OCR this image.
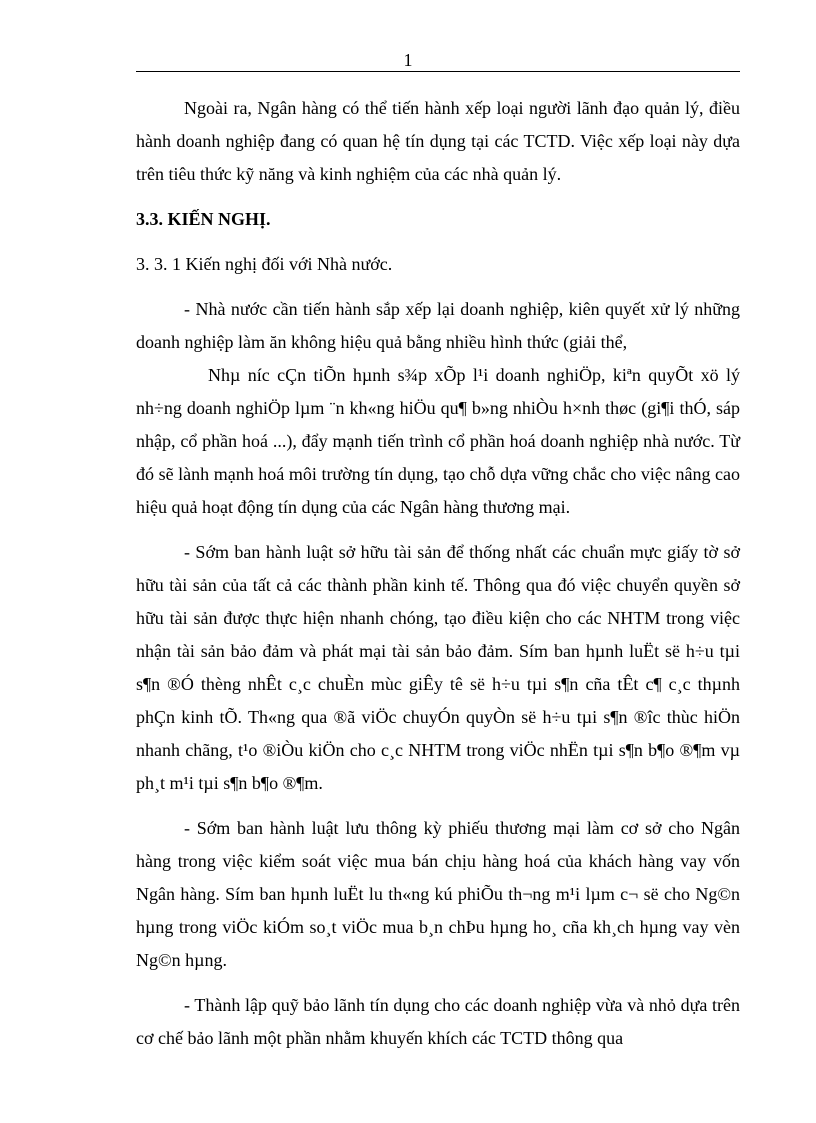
1

Ngoài ra, Ngân hàng có thể tiến hành xếp loại người lãnh đạo quản lý, điều hành doanh nghiệp đang có quan hệ tín dụng tại các TCTD. Việc xếp loại này dựa trên tiêu thức kỹ năng và kinh nghiệm của các nhà quản lý.

3.3. KIẾN NGHỊ.

3. 3. 1 Kiến nghị đối với Nhà nước.

- Nhà nước cần tiến hành sắp xếp lại doanh nghiệp, kiên quyết xử lý những doanh nghiệp làm ăn không hiệu quả bằng nhiều hình thức (giải thể,

Nhµ níc cÇn tiÕn hµnh s¾p xÕp l¹i doanh nghiÖp, kiªn quyÕt xö lý nh÷ng doanh nghiÖp lµm ¨n kh«ng hiÖu qu¶ b»ng nhiÒu h×nh thøc (gi¶i thÓ, sáp nhập, cổ phần hoá ...), đẩy mạnh tiến trình cổ phần hoá doanh nghiệp nhà nước. Từ đó sẽ lành mạnh hoá môi trường tín dụng, tạo chỗ dựa vững chắc cho việc nâng cao hiệu quả hoạt động tín dụng của các Ngân hàng thương mại.

- Sớm ban hành luật sở hữu tài sản để thống nhất các chuẩn mực giấy tờ sở hữu tài sản của tất cả các thành phần kinh tế. Thông qua đó việc chuyển quyền sở hữu tài sản được thực hiện nhanh chóng, tạo điều kiện cho các NHTM trong việc nhận tài sản bảo đảm và phát mại tài sản bảo đảm. Sím ban hµnh luËt së h÷u tµi s¶n ®Ó thèng nhÊt c¸c chuÈn mùc giÊy tê së h÷u tµi s¶n cña tÊt c¶ c¸c thµnh phÇn kinh tÕ. Th«ng qua ®ã viÖc chuyÓn quyÒn së h÷u tµi s¶n ®îc thùc hiÖn nhanh chãng, t¹o ®iÒu kiÖn cho c¸c NHTM trong viÖc nhËn tµi s¶n b¶o ®¶m vµ ph¸t m¹i tµi s¶n b¶o ®¶m.

- Sớm ban hành luật lưu thông kỳ phiếu thương mại làm cơ sở cho Ngân hàng trong việc kiểm soát việc mua bán chịu hàng hoá của khách hàng vay vốn Ngân hàng. Sím ban hµnh luËt lu th«ng kú phiÕu th¬ng m¹i lµm c¬ së cho Ng©n hµng trong viÖc kiÓm so¸t viÖc mua b¸n chÞu hµng ho¸ cña kh¸ch hµng vay vèn Ng©n hµng.

- Thành lập quỹ bảo lãnh tín dụng cho các doanh nghiệp vừa và nhỏ dựa trên cơ chế bảo lãnh một phần nhằm khuyến khích các TCTD thông qua
